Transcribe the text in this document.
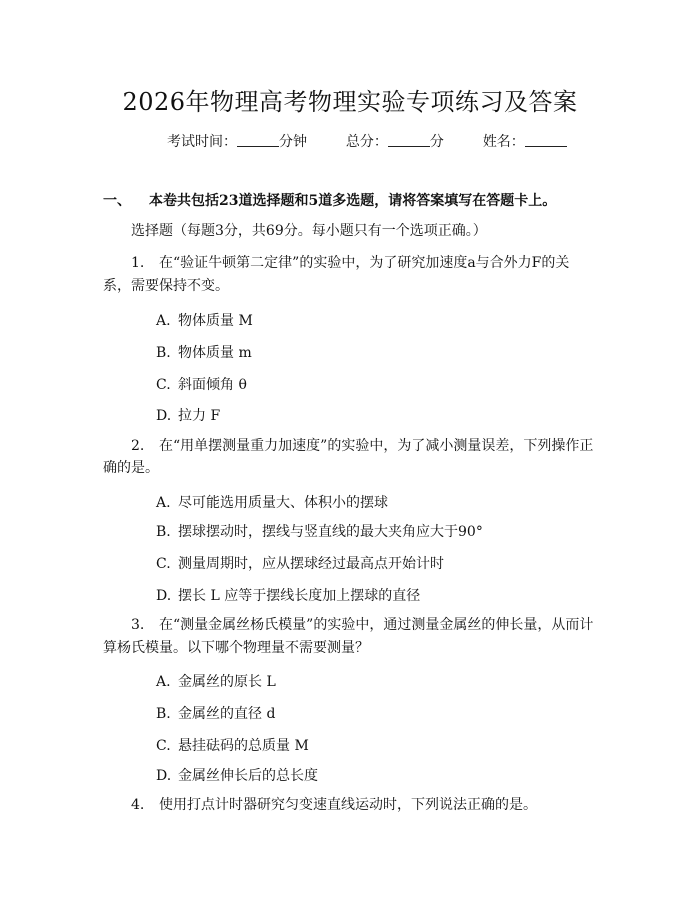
2026年物理高考物理实验专项练习及答案
考试时间：	分钟	总分：	分	姓名：
一、 本卷共包括23道选择题和5道多选题，请将答案填写在答题卡上。
选择题（每题3分，共69分。每小题只有一个选项正确。）
1. 在“验证牛顿第二定律”的实验中，为了研究加速度a与合外力F的关
系，需要保持不变。
A. 物体质量 M
B. 物体质量 m
C. 斜面倾角 θ
D. 拉力 F
2. 在“用单摆测量重力加速度”的实验中，为了减小测量误差，下列操作正
确的是。
A. 尽可能选用质量大、体积小的摆球
B. 摆球摆动时，摆线与竖直线的最大夹角应大于90°
C. 测量周期时，应从摆球经过最高点开始计时
D. 摆长 L 应等于摆线长度加上摆球的直径
3. 在“测量金属丝杨氏模量”的实验中，通过测量金属丝的伸长量，从而计
算杨氏模量。以下哪个物理量不需要测量？
A. 金属丝的原长 L
B. 金属丝的直径 d
C. 悬挂砝码的总质量 M
D. 金属丝伸长后的总长度
4. 使用打点计时器研究匀变速直线运动时，下列说法正确的是。
